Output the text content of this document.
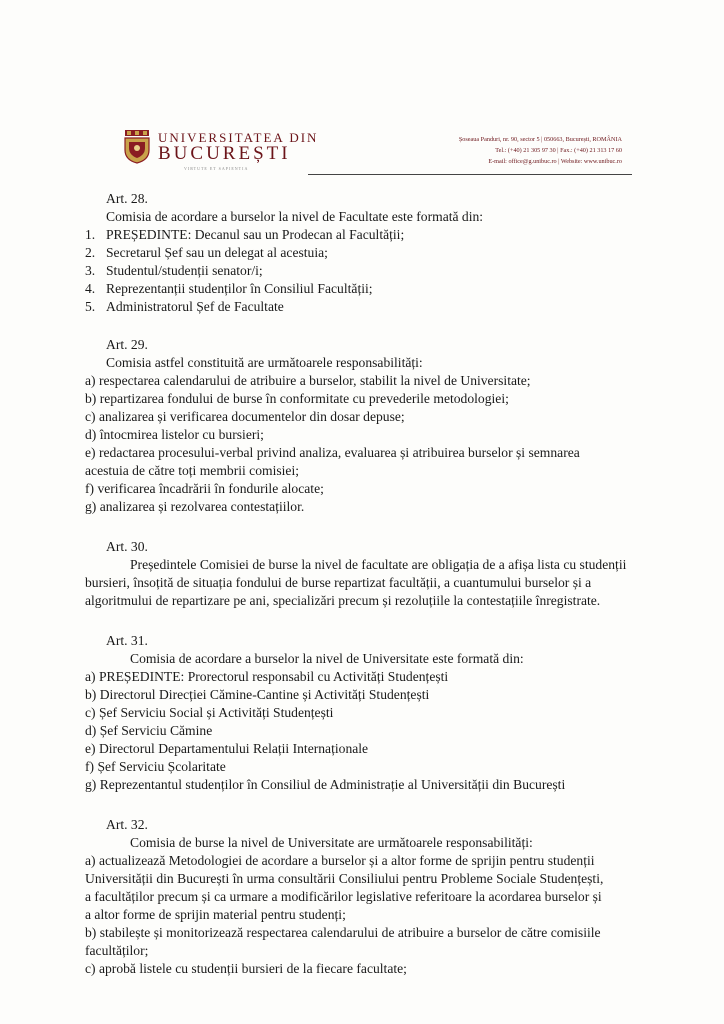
UNIVERSITATEA DIN
BUCUREȘTI
VIRTUTE ET SAPIENTIA
Șoseaua Panduri, nr. 90, sector 5 | 050663, București, ROMÂNIA
Tel.: (+40) 21 305 97 30 | Fax.: (+40) 21 313 17 60
E-mail: office@g.unibuc.ro | Website: www.unibuc.ro
Art. 28.
Comisia de acordare a burselor la nivel de Facultate este formată din:
1. PREȘEDINTE: Decanul sau un Prodecan al Facultății;
2. Secretarul Șef sau un delegat al acestuia;
3. Studentul/studenții senator/i;
4. Reprezentanții studenților în Consiliul Facultății;
5. Administratorul Șef de Facultate
Art. 29.
Comisia astfel constituită are următoarele responsabilități:
a) respectarea calendarului de atribuire a burselor, stabilit la nivel de Universitate;
b) repartizarea fondului de burse în conformitate cu prevederile metodologiei;
c) analizarea și verificarea documentelor din dosar depuse;
d) întocmirea listelor cu bursieri;
e) redactarea procesului-verbal privind analiza, evaluarea și atribuirea burselor și semnarea
acestuia de către toți membrii comisiei;
f) verificarea încadrării în fondurile alocate;
g) analizarea și rezolvarea contestațiilor.
Art. 30.
Președintele Comisiei de burse la nivel de facultate are obligația de a afișa lista cu studenții
bursieri, însoțită de situația fondului de burse repartizat facultății, a cuantumului burselor și a
algoritmului de repartizare pe ani, specializări precum și rezoluțiile la contestațiile înregistrate.
Art. 31.
Comisia de acordare a burselor la nivel de Universitate este formată din:
a) PREȘEDINTE: Prorectorul responsabil cu Activități Studențești
b) Directorul Direcției Cămine-Cantine și Activități Studențești
c) Șef Serviciu Social și Activități Studențești
d) Șef Serviciu Cămine
e) Directorul Departamentului Relații Internaționale
f) Șef Serviciu Școlaritate
g) Reprezentantul studenților în Consiliul de Administrație al Universității din București
Art. 32.
Comisia de burse la nivel de Universitate are următoarele responsabilități:
a) actualizează Metodologiei de acordare a burselor și a altor forme de sprijin pentru studenții
Universității din București în urma consultării Consiliului pentru Probleme Sociale Studențești,
a facultăților precum și ca urmare a modificărilor legislative referitoare la acordarea burselor și
a altor forme de sprijin material pentru studenți;
b) stabilește și monitorizează respectarea calendarului de atribuire a burselor de către comisiile
facultăților;
c) aprobă listele cu studenții bursieri de la fiecare facultate;
